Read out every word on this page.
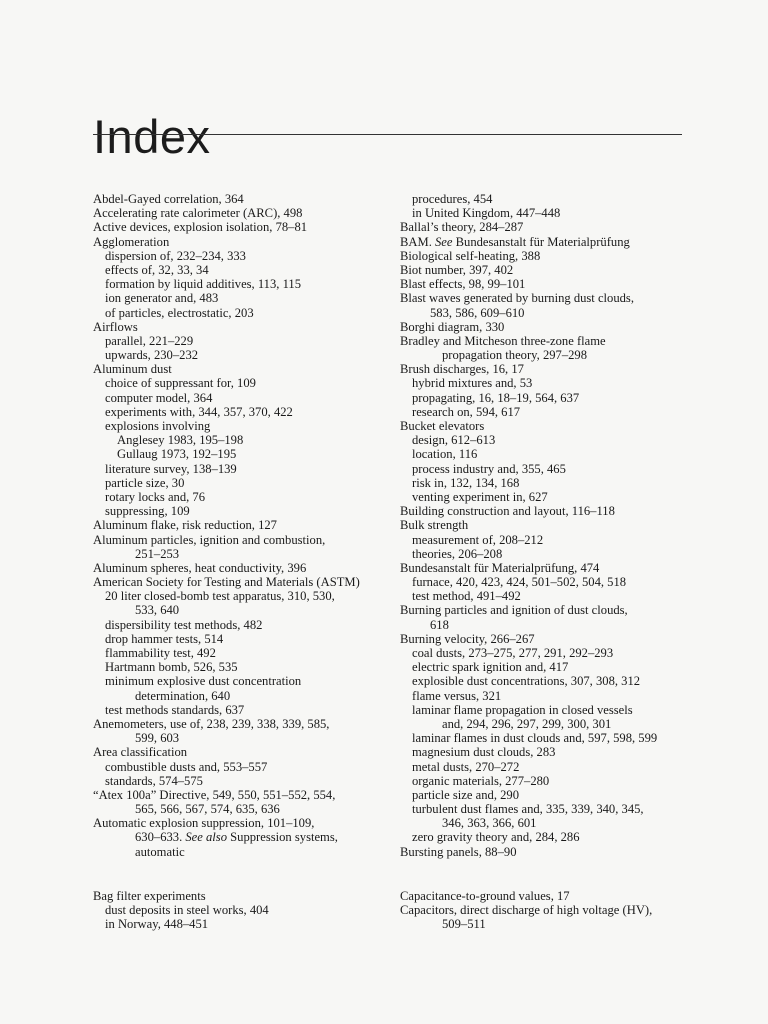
Index
Abdel-Gayed correlation, 364
Accelerating rate calorimeter (ARC), 498
Active devices, explosion isolation, 78–81
Agglomeration
dispersion of, 232–234, 333
effects of, 32, 33, 34
formation by liquid additives, 113, 115
ion generator and, 483
of particles, electrostatic, 203
Airflows
parallel, 221–229
upwards, 230–232
Aluminum dust
choice of suppressant for, 109
computer model, 364
experiments with, 344, 357, 370, 422
explosions involving
Anglesey 1983, 195–198
Gullaug 1973, 192–195
literature survey, 138–139
particle size, 30
rotary locks and, 76
suppressing, 109
Aluminum flake, risk reduction, 127
Aluminum particles, ignition and combustion,
251–253
Aluminum spheres, heat conductivity, 396
American Society for Testing and Materials (ASTM)
20 liter closed-bomb test apparatus, 310, 530,
533, 640
dispersibility test methods, 482
drop hammer tests, 514
flammability test, 492
Hartmann bomb, 526, 535
minimum explosive dust concentration
determination, 640
test methods standards, 637
Anemometers, use of, 238, 239, 338, 339, 585,
599, 603
Area classification
combustible dusts and, 553–557
standards, 574–575
“Atex 100a” Directive, 549, 550, 551–552, 554,
565, 566, 567, 574, 635, 636
Automatic explosion suppression, 101–109,
630–633. See also Suppression systems,
automatic
Bag filter experiments
dust deposits in steel works, 404
in Norway, 448–451
procedures, 454
in United Kingdom, 447–448
Ballal’s theory, 284–287
BAM. See Bundesanstalt für Materialprüfung
Biological self-heating, 388
Biot number, 397, 402
Blast effects, 98, 99–101
Blast waves generated by burning dust clouds,
583, 586, 609–610
Borghi diagram, 330
Bradley and Mitcheson three-zone flame
propagation theory, 297–298
Brush discharges, 16, 17
hybrid mixtures and, 53
propagating, 16, 18–19, 564, 637
research on, 594, 617
Bucket elevators
design, 612–613
location, 116
process industry and, 355, 465
risk in, 132, 134, 168
venting experiment in, 627
Building construction and layout, 116–118
Bulk strength
measurement of, 208–212
theories, 206–208
Bundesanstalt für Materialprüfung, 474
furnace, 420, 423, 424, 501–502, 504, 518
test method, 491–492
Burning particles and ignition of dust clouds,
618
Burning velocity, 266–267
coal dusts, 273–275, 277, 291, 292–293
electric spark ignition and, 417
explosible dust concentrations, 307, 308, 312
flame versus, 321
laminar flame propagation in closed vessels
and, 294, 296, 297, 299, 300, 301
laminar flames in dust clouds and, 597, 598, 599
magnesium dust clouds, 283
metal dusts, 270–272
organic materials, 277–280
particle size and, 290
turbulent dust flames and, 335, 339, 340, 345,
346, 363, 366, 601
zero gravity theory and, 284, 286
Bursting panels, 88–90
Capacitance-to-ground values, 17
Capacitors, direct discharge of high voltage (HV),
509–511
